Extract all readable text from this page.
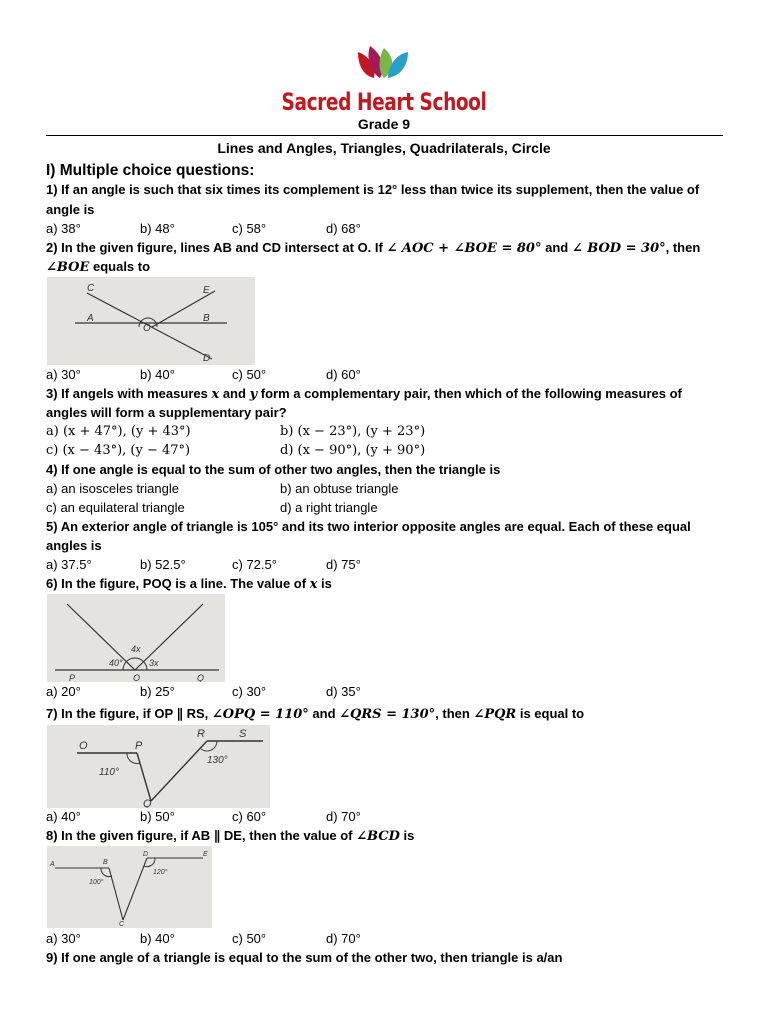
Sacred Heart School
Grade 9
Lines and Angles, Triangles, Quadrilaterals, Circle
I) Multiple choice questions:
1) If an angle is such that six times its complement is 12° less than twice its supplement, then the value of
angle is
a) 38°	b) 48°	c) 58°	d) 68°
2) In the given figure, lines AB and CD intersect at O. If ∠ AOC + ∠BOE = 80° and ∠ BOD = 30°, then
∠BOE equals to
C	E
A
O
B
D
a) 30°	b) 40°	c) 50°	d) 60°
3) If angels with measures x and y form a complementary pair, then which of the following measures of
angles will form a supplementary pair?
a) (x + 47°), (y + 43°)	b) (x − 23°), (y + 23°)
c) (x − 43°), (y − 47°)	d) (x − 90°), (y + 90°)
4) If one angle is equal to the sum of other two angles, then the triangle is
a) an isosceles triangle	b) an obtuse triangle
c) an equilateral triangle	d) a right triangle
5) An exterior angle of triangle is 105° and its two interior opposite angles are equal. Each of these equal
angles is
a) 37.5°	b) 52.5°	c) 72.5°	d) 75°
6) In the figure, POQ is a line. The value of x is
4x
40°	3x
P	O	Q
a) 20°	b) 25°	c) 30°	d) 35°
7) In the figure, if OP ∥ RS, ∠OPQ = 110° and ∠QRS = 130°, then ∠PQR is equal to
O	P
R	S
110°
130°
Q
a) 40°	b) 50°	c) 60°	d) 70°
8) In the given figure, if AB ∥ DE, then the value of ∠BCD is
A	B
D	E
100°
120°
C
a) 30°	b) 40°	c) 50°	d) 70°
9) If one angle of a triangle is equal to the sum of the other two, then triangle is a/an
